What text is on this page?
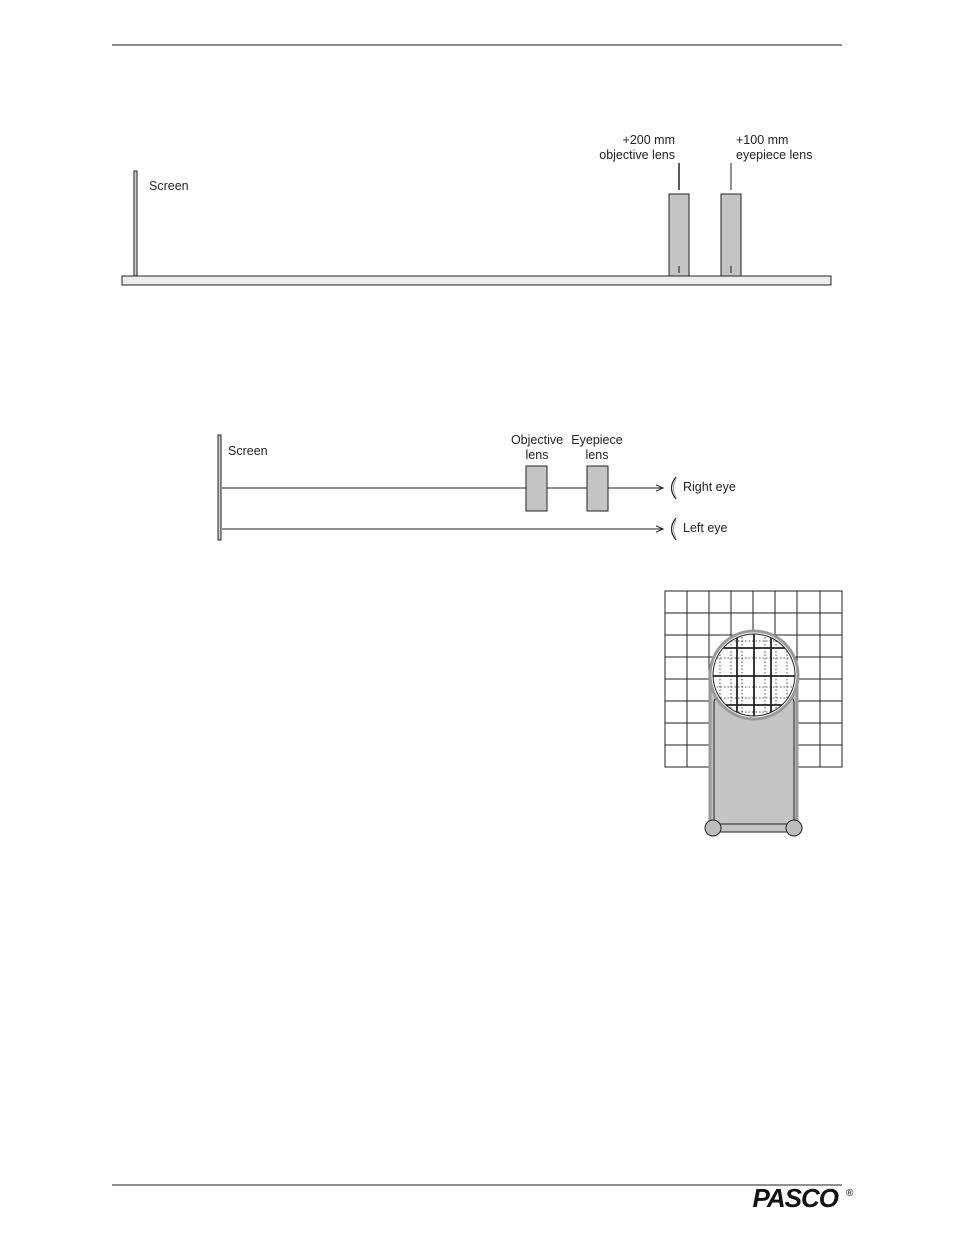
Screen
+200 mm
objective lens
+100 mm
eyepiece lens
Screen
Objective
lens
Eyepiece
lens
Right eye
Left eye
PASCO ®
